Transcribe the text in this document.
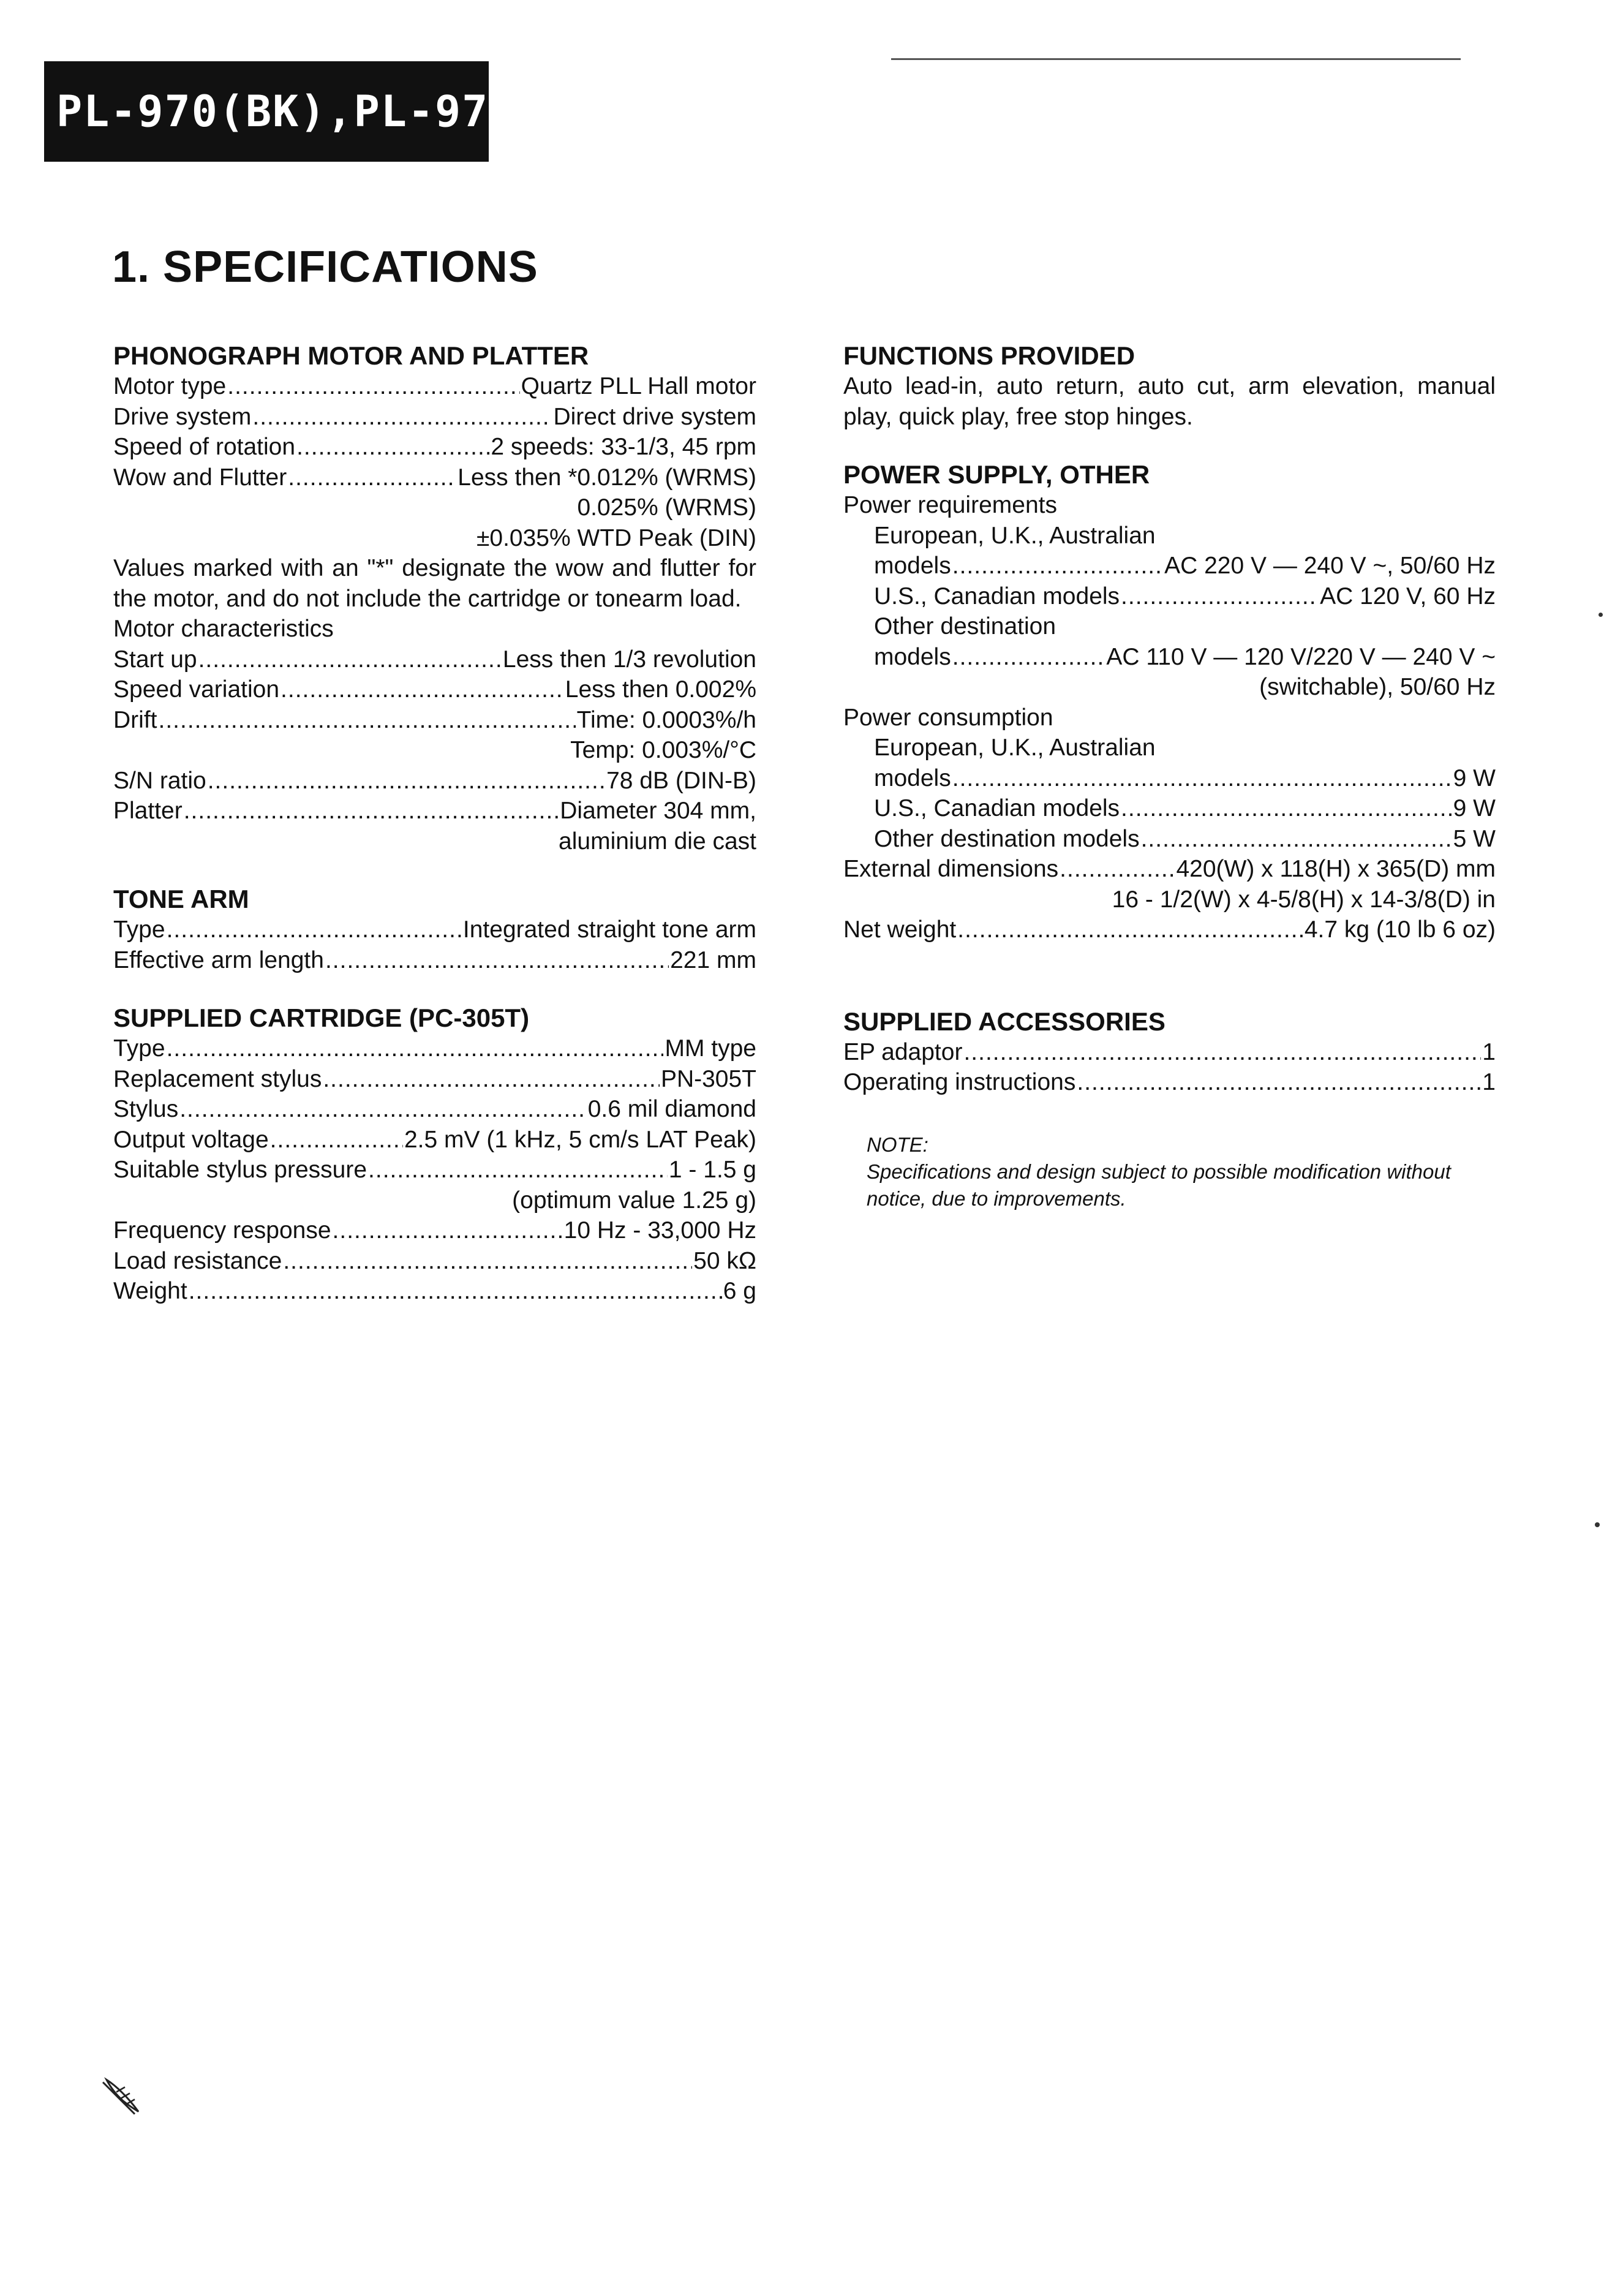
PL-970(BK),PL-970
1. SPECIFICATIONS
PHONOGRAPH MOTOR AND PLATTER
Motor type .....	Quartz PLL Hall motor
Drive system .....	Direct drive system
Speed of rotation .....	2 speeds: 33-1/3, 45 rpm
Wow and Flutter .....	Less then *0.012% (WRMS)
0.025% (WRMS)
±0.035% WTD Peak (DIN)
Values marked with an "*" designate the wow and flutter for the motor, and do not include the cartridge or tonearm load.
Motor characteristics
Start up .....	Less then 1/3 revolution
Speed variation .....	Less then 0.002%
Drift .....	Time: 0.0003%/h
Temp: 0.003%/°C
S/N ratio .....	78 dB (DIN-B)
Platter .....	Diameter 304 mm,
aluminium die cast
TONE ARM
Type .....	Integrated straight tone arm
Effective arm length .....	221 mm
SUPPLIED CARTRIDGE (PC-305T)
Type .....	MM type
Replacement stylus .....	PN-305T
Stylus .....	0.6 mil diamond
Output voltage .....	2.5 mV (1 kHz, 5 cm/s LAT Peak)
Suitable stylus pressure .....	1 - 1.5 g
(optimum value 1.25 g)
Frequency response .....	10 Hz - 33,000 Hz
Load resistance .....	50 kΩ
Weight .....	6 g
FUNCTIONS PROVIDED
Auto lead-in, auto return, auto cut, arm elevation, manual play, quick play, free stop hinges.
POWER SUPPLY, OTHER
Power requirements
European, U.K., Australian
models .....	AC 220 V — 240 V ~, 50/60 Hz
U.S., Canadian models .....	AC 120 V, 60 Hz
Other destination
models .....	AC 110 V — 120 V/220 V — 240 V ~
(switchable), 50/60 Hz
Power consumption
European, U.K., Australian
models .....	9 W
U.S., Canadian models .....	9 W
Other destination models .....	5 W
External dimensions .....	420(W) x 118(H) x 365(D) mm
16 - 1/2(W) x 4-5/8(H) x 14-3/8(D) in
Net weight .....	4.7 kg (10 lb 6 oz)
SUPPLIED ACCESSORIES
EP adaptor .....	1
Operating instructions .....	1
NOTE:
Specifications and design subject to possible modification without notice, due to improvements.
